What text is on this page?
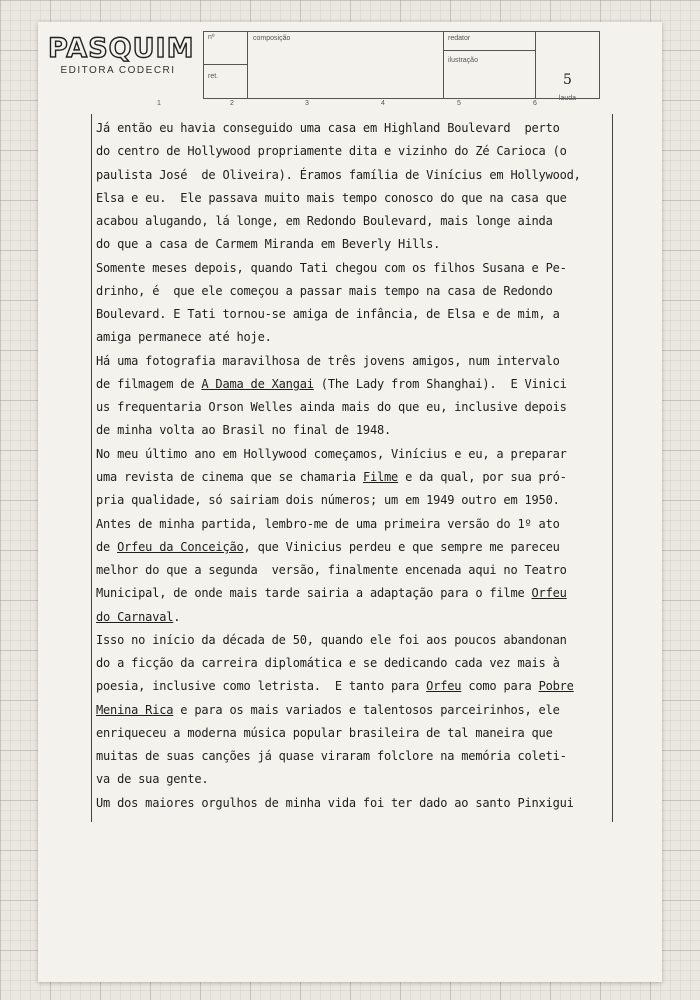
PASQUIM
EDITORA CODECRI
nº
ret.
composição	redator
ilustração
5
lauda
1	2	3	4	5	6
Já então eu havia conseguido uma casa em Highland Boulevard  perto
do centro de Hollywood propriamente dita e vizinho do Zé Carioca (o
paulista José  de Oliveira). Éramos família de Vinícius em Hollywood,
Elsa e eu.  Ele passava muito mais tempo conosco do que na casa que
acabou alugando, lá longe, em Redondo Boulevard, mais longe ainda
do que a casa de Carmem Miranda em Beverly Hills.
Somente meses depois, quando Tati chegou com os filhos Susana e Pe-
drinho, é  que ele começou a passar mais tempo na casa de Redondo
Boulevard. E Tati tornou-se amiga de infância, de Elsa e de mim, a
amiga permanece até hoje.
Há uma fotografia maravilhosa de três jovens amigos, num intervalo
de filmagem de A Dama de Xangai (The Lady from Shanghai).  E Vinici
us frequentaria Orson Welles ainda mais do que eu, inclusive depois
de minha volta ao Brasil no final de 1948.
No meu último ano em Hollywood começamos, Vinícius e eu, a preparar
uma revista de cinema que se chamaria Filme e da qual, por sua pró-
pria qualidade, só sairiam dois números; um em 1949 outro em 1950.
Antes de minha partida, lembro-me de uma primeira versão do 1º ato
de Orfeu da Conceição, que Vinicius perdeu e que sempre me pareceu
melhor do que a segunda  versão, finalmente encenada aqui no Teatro
Municipal, de onde mais tarde sairia a adaptação para o filme Orfeu
do Carnaval.
Isso no início da década de 50, quando ele foi aos poucos abandonan
do a ficção da carreira diplomática e se dedicando cada vez mais à
poesia, inclusive como letrista.  E tanto para Orfeu como para Pobre
Menina Rica e para os mais variados e talentosos parceirinhos, ele
enriqueceu a moderna música popular brasileira de tal maneira que
muitas de suas canções já quase viraram folclore na memória coleti-
va de sua gente.
Um dos maiores orgulhos de minha vida foi ter dado ao santo Pinxigui
